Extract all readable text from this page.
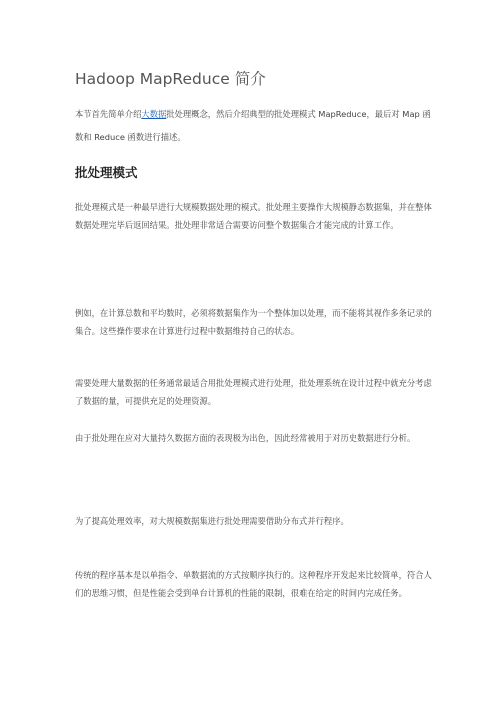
Hadoop MapReduce 简介

本节首先简单介绍大数据批处理概念，然后介绍典型的批处理模式 MapReduce，最后对 Map 函数和 Reduce 函数进行描述。

批处理模式

批处理模式是一种最早进行大规模数据处理的模式。批处理主要操作大规模静态数据集，并在整体数据处理完毕后返回结果。批处理非常适合需要访问整个数据集合才能完成的计算工作。

例如，在计算总数和平均数时，必须将数据集作为一个整体加以处理，而不能将其视作多条记录的集合。这些操作要求在计算进行过程中数据维持自己的状态。

需要处理大量数据的任务通常最适合用批处理模式进行处理，批处理系统在设计过程中就充分考虑了数据的量，可提供充足的处理资源。

由于批处理在应对大量持久数据方面的表现极为出色，因此经常被用于对历史数据进行分析。

为了提高处理效率，对大规模数据集进行批处理需要借助分布式并行程序。

传统的程序基本是以单指令、单数据流的方式按顺序执行的。这种程序开发起来比较简单，符合人们的思维习惯，但是性能会受到单台计算机的性能的限制，很难在给定的时间内完成任务。
